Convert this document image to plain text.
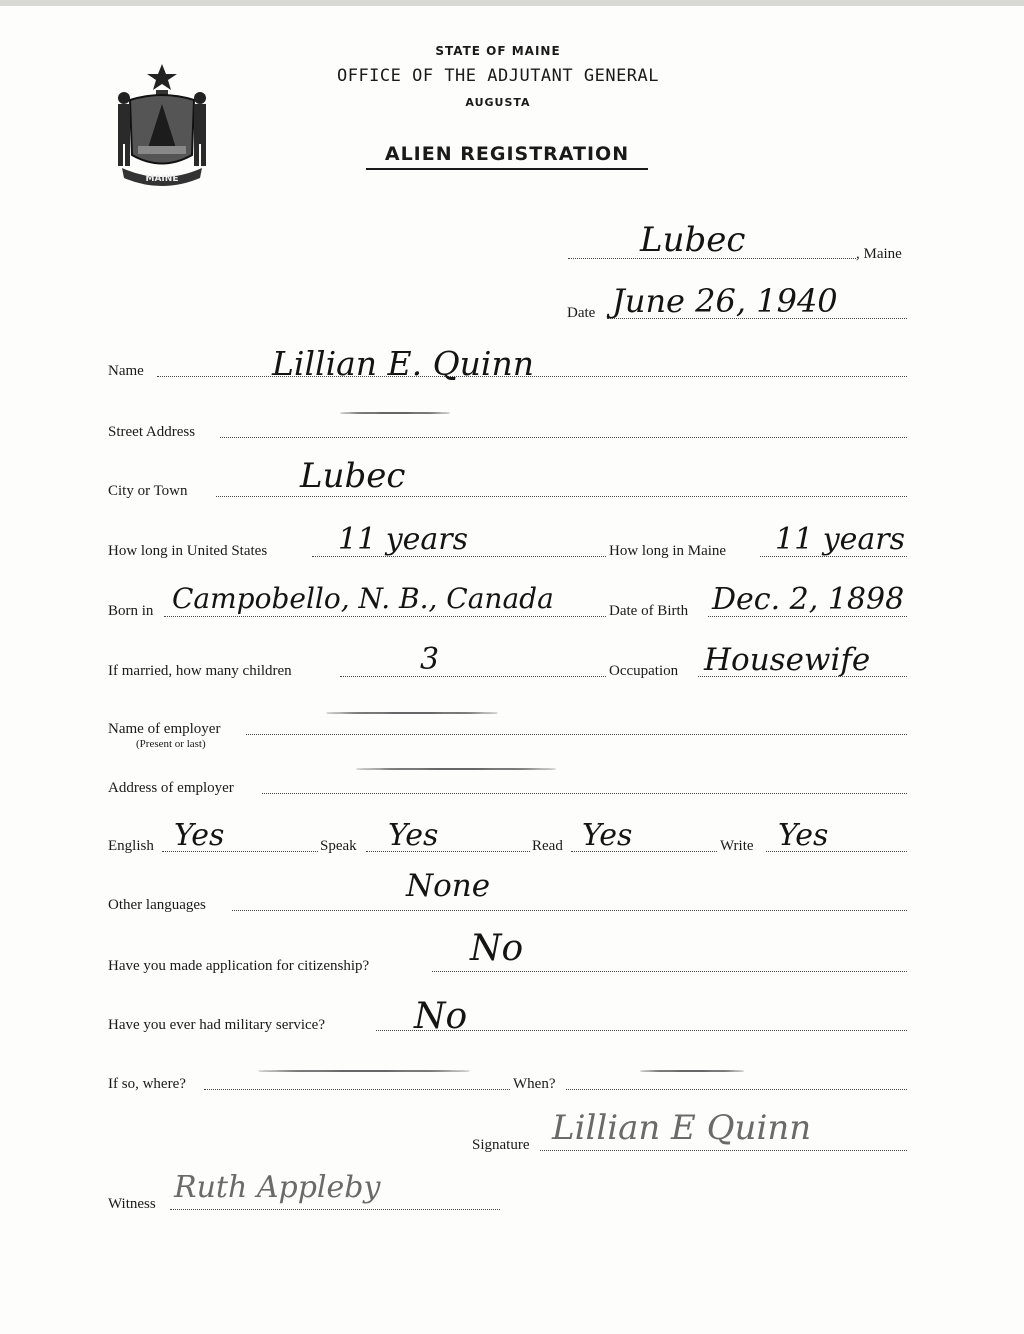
MAINE
STATE OF MAINE
OFFICE OF THE ADJUTANT GENERAL
AUGUSTA
ALIEN REGISTRATION
Lubec	, Maine
Date June 26, 1940
Name	Lillian E. Quinn
Street Address
City or Town	Lubec
How long in United States 11 years	How long in Maine 11 years
Born in Campobello, N. B., Canada	Date of Birth Dec. 2, 1898
If married, how many children	3	Occupation Housewife
Name of employer
(Present or last)
Address of employer
English Yes	Speak Yes	Read Yes	Write Yes
Other languages
None
Have you made application for citizenship?	No
Have you ever had military service? No
If so, where?	When?
Signature Lillian E Quinn
Witness Ruth Appleby
